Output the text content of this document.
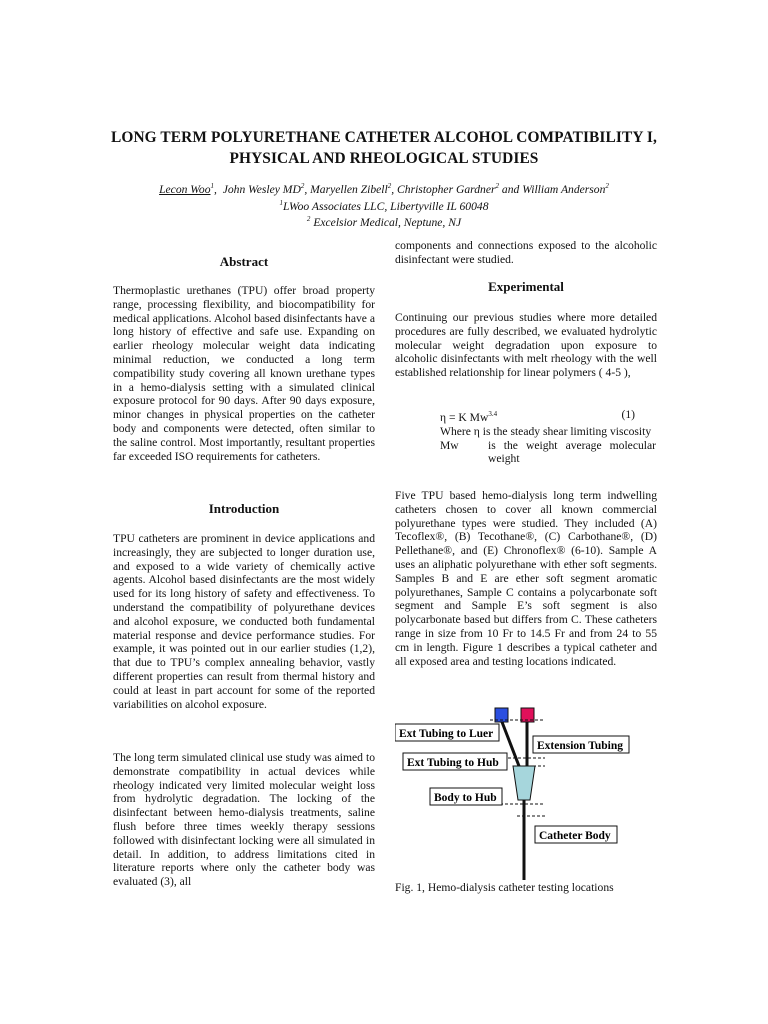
LONG TERM POLYURETHANE CATHETER ALCOHOL COMPATIBILITY I,
PHYSICAL AND RHEOLOGICAL STUDIES
Lecon Woo$^1$,  John Wesley $MD^2$, Maryellen Zibell$^2$, Christopher Gardner$^2$ and William Anderson$^2$
$^1$LWoo Associates LLC, Libertyville IL 60048
$^2$ Excelsior Medical, Neptune, NJ
Abstract

Thermoplastic urethanes (TPU) offer broad property range, processing flexibility, and biocompatibility for medical applications. Alcohol based disinfectants have a long history of effective and safe use. Expanding on earlier rheology molecular weight data indicating minimal reduction, we conducted a long term compatibility study covering all known urethane types in a hemo-dialysis setting with a simulated clinical exposure protocol for 90 days. After 90 days exposure, minor changes in physical properties on the catheter body and components were detected, often similar to the saline control. Most importantly, resultant properties far exceeded ISO requirements for catheters.

Introduction

TPU catheters are prominent in device applications and increasingly, they are subjected to longer duration use, and exposed to a wide variety of chemically active agents. Alcohol based disinfectants are the most widely used for its long history of safety and effectiveness. To understand the compatibility of polyurethane devices and alcohol exposure, we conducted both fundamental material response and device performance studies. For example, it was pointed out in our earlier studies (1,2), that due to TPU’s complex annealing behavior, vastly different properties can result from thermal history and could at least in part account for some of the reported variabilities on alcohol exposure.

The long term simulated clinical use study was aimed to demonstrate compatibility in actual devices while rheology indicated very limited molecular weight loss from hydrolytic degradation. The locking of the disinfectant between hemo-dialysis treatments, saline flush before three times weekly therapy sessions followed with disinfectant locking were all simulated in detail. In addition, to address limitations cited in literature reports where only the catheter body was evaluated (3), all

components and connections exposed to the alcoholic disinfectant were studied.

Experimental

Continuing our previous studies where more detailed procedures are fully described, we evaluated hydrolytic molecular weight degradation upon exposure to alcoholic disinfectants with melt rheology with the well established relationship for linear polymers ( 4-5 ),

η = K $Mw^{3.4}$	(1)
Where η is the steady shear limiting viscosity
Mw	is the weight average molecular weight

Five TPU based hemo-dialysis long term indwelling catheters chosen to cover all known commercial polyurethane types were studied. They included (A) Tecoflex®, (B) Tecothane®, (C) Carbothane®, (D) Pellethane®, and (E) Chronoflex® (6-10). Sample A uses an aliphatic polyurethane with ether soft segments. Samples B and E are ether soft segment aromatic polyurethanes, Sample C contains a polycarbonate soft segment and Sample E’s soft segment is also polycarbonate based but differs from C. These catheters range in size from 10 Fr to 14.5 Fr and from 24 to 55 cm in length. Figure 1 describes a typical catheter and all exposed area and testing locations indicated.

Ext Tubing to Luer
Extension Tubing
Ext Tubing to Hub
Body to Hub
Catheter Body
Fig. 1, Hemo-dialysis catheter testing locations
